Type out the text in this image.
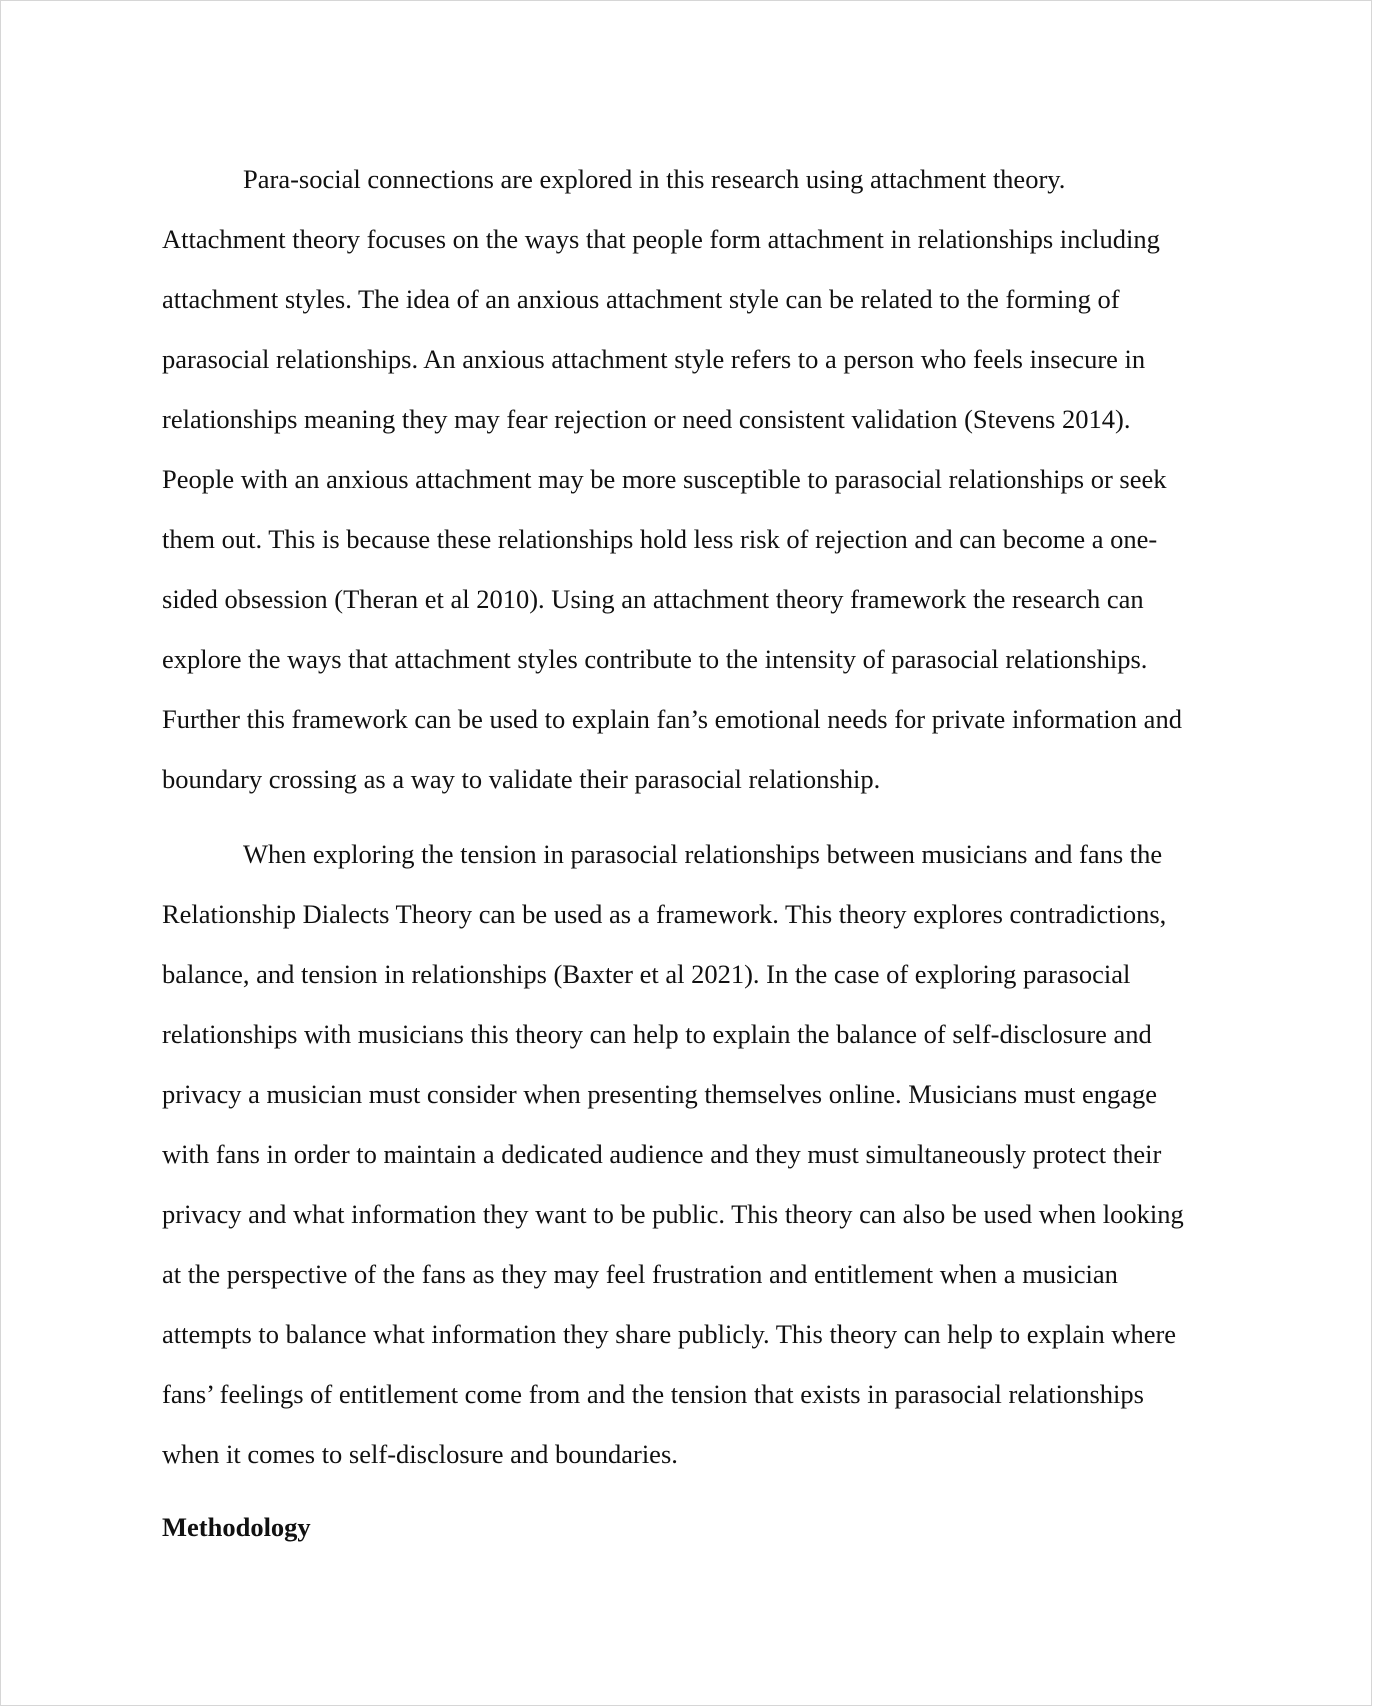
Para-social connections are explored in this research using attachment theory.
Attachment theory focuses on the ways that people form attachment in relationships including
attachment styles. The idea of an anxious attachment style can be related to the forming of
parasocial relationships. An anxious attachment style refers to a person who feels insecure in
relationships meaning they may fear rejection or need consistent validation (Stevens 2014).
People with an anxious attachment may be more susceptible to parasocial relationships or seek
them out. This is because these relationships hold less risk of rejection and can become a one-
sided obsession (Theran et al 2010). Using an attachment theory framework the research can
explore the ways that attachment styles contribute to the intensity of parasocial relationships.
Further this framework can be used to explain fan’s emotional needs for private information and
boundary crossing as a way to validate their parasocial relationship.

When exploring the tension in parasocial relationships between musicians and fans the
Relationship Dialects Theory can be used as a framework. This theory explores contradictions,
balance, and tension in relationships (Baxter et al 2021). In the case of exploring parasocial
relationships with musicians this theory can help to explain the balance of self-disclosure and
privacy a musician must consider when presenting themselves online. Musicians must engage
with fans in order to maintain a dedicated audience and they must simultaneously protect their
privacy and what information they want to be public. This theory can also be used when looking
at the perspective of the fans as they may feel frustration and entitlement when a musician
attempts to balance what information they share publicly. This theory can help to explain where
fans’ feelings of entitlement come from and the tension that exists in parasocial relationships
when it comes to self-disclosure and boundaries.

Methodology
